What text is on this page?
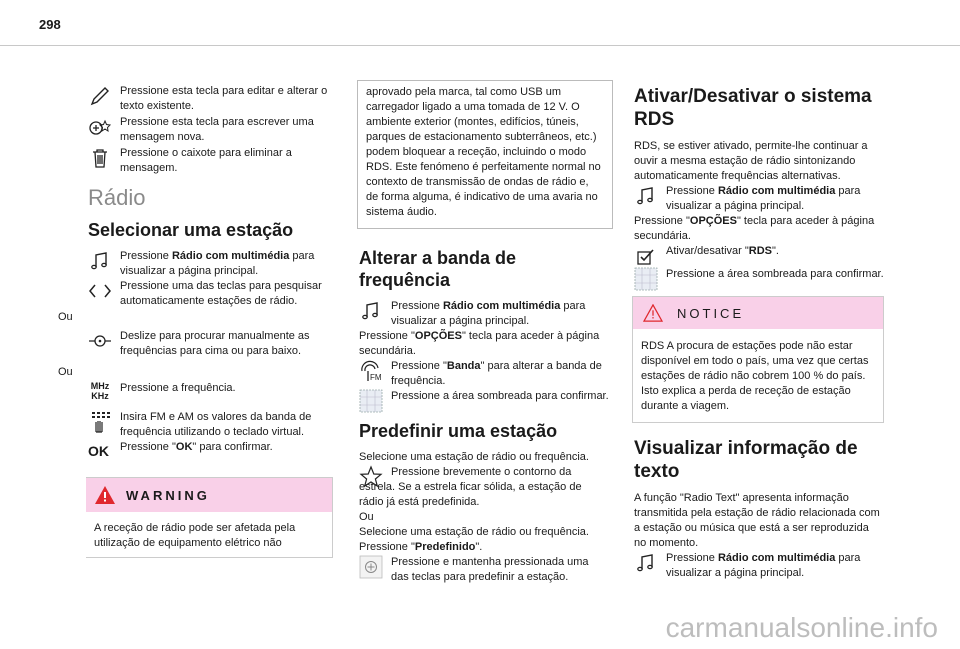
298

Pressione esta tecla para editar e alterar o texto existente.

Pressione esta tecla para escrever uma mensagem nova.

Pressione o caixote para eliminar a mensagem.

Rádio
Selecionar uma estação

Pressione Rádio com multimédia para visualizar a página principal.

Pressione uma das teclas para pesquisar automaticamente estações de rádio.

Ou

Deslize para procurar manualmente as frequências para cima ou para baixo.

Ou

MHz
KHz

Pressione a frequência.

Insira FM e AM os valores da banda de frequência utilizando o teclado virtual.

OK Pressione "OK" para confirmar.

WARNING
A receção de rádio pode ser afetada pela utilização de equipamento elétrico não
aprovado pela marca, tal como USB um carregador ligado a uma tomada de 12 V. O ambiente exterior (montes, edifícios, túneis, parques de estacionamento subterrâneos, etc.) podem bloquear a receção, incluindo o modo RDS. Este fenómeno é perfeitamente normal no contexto de transmissão de ondas de rádio e, de forma alguma, é indicativo de uma avaria no sistema áudio.
Alterar a banda de frequência

Pressione Rádio com multimédia para visualizar a página principal.

Pressione "OPÇÕES" tecla para aceder à página secundária.

FM

Pressione "Banda" para alterar a banda de frequência.

Pressione a área sombreada para confirmar.

Predefinir uma estação

Selecione uma estação de rádio ou frequência.

Pressione brevemente o contorno da estrela. Se a estrela ficar sólida, a estação de rádio já está predefinida.

Ou

Selecione uma estação de rádio ou frequência.

Pressione "Predefinido".

Pressione e mantenha pressionada uma das teclas para predefinir a estação.

Ativar/Desativar o sistema RDS

RDS, se estiver ativado, permite-lhe continuar a ouvir a mesma estação de rádio sintonizando automaticamente frequências alternativas.

Pressione Rádio com multimédia para visualizar a página principal.

Pressione "OPÇÕES" tecla para aceder à página secundária.

Ativar/desativar "RDS".

Pressione a área sombreada para confirmar.

NOTICE
RDS A procura de estações pode não estar disponível em todo o país, uma vez que certas estações de rádio não cobrem 100 % do país. Isto explica a perda de receção de estação durante a viagem.
Visualizar informação de texto

A função "Radio Text" apresenta informação transmitida pela estação de rádio relacionada com a estação ou música que está a ser reproduzida no momento.

Pressione Rádio com multimédia para visualizar a página principal.

carmanualsonline.info
